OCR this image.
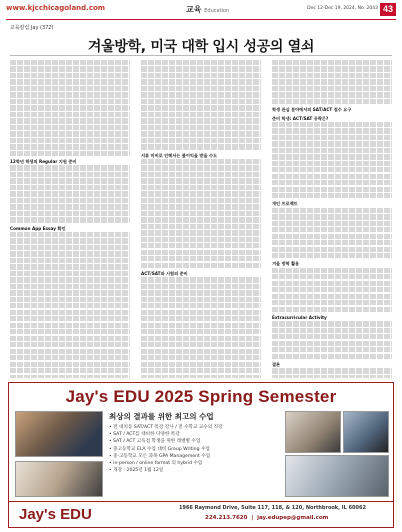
www.kjcchicagoland.com	교육 Education	Dec 12-Dec 19, 2024, No. 2043 43
교육칼럼 Jay (372)
겨울방학, 미국 대학 입시 성공의 열쇠
12학년 학생의 Regular 지원 준비
Common App Essay 확인
서류 미비로 인해서는 불이익을 받을 수도
ACT/SAT와 시험의 준비
학생 관심 분야에서의 SAT/ACT 점수 요구
준비 학생: ACT/SAT 공략은?
개인 프로젝트
겨울 방학 활용
Extracurricular Activity
결론
Jay's EDU 2025 Spring Semester
최상의 결과를 위한 최고의 수업
• 전 대치동 SAT/ACT 특강 강사 / 전 수학교 교수의 직강
• SAT / ACT를 대비한 다양한 특강
• SAT / ACT 고득점 학생을 위한 레벨별 수업
• 중고등학교 ELA 수업 대비 Group Writing 수업
• 중·고등학교 모든 과목 GPA Management 수업
• in-person / online format 의 hybrid 수업
• 개강 : 2025년 1월 12일
Jay's EDU	1966 Raymond Drive, Suite 117, 118, & 120, Northbrook, IL 60062
224.213.7620  |  jay.edupep@gmail.com
